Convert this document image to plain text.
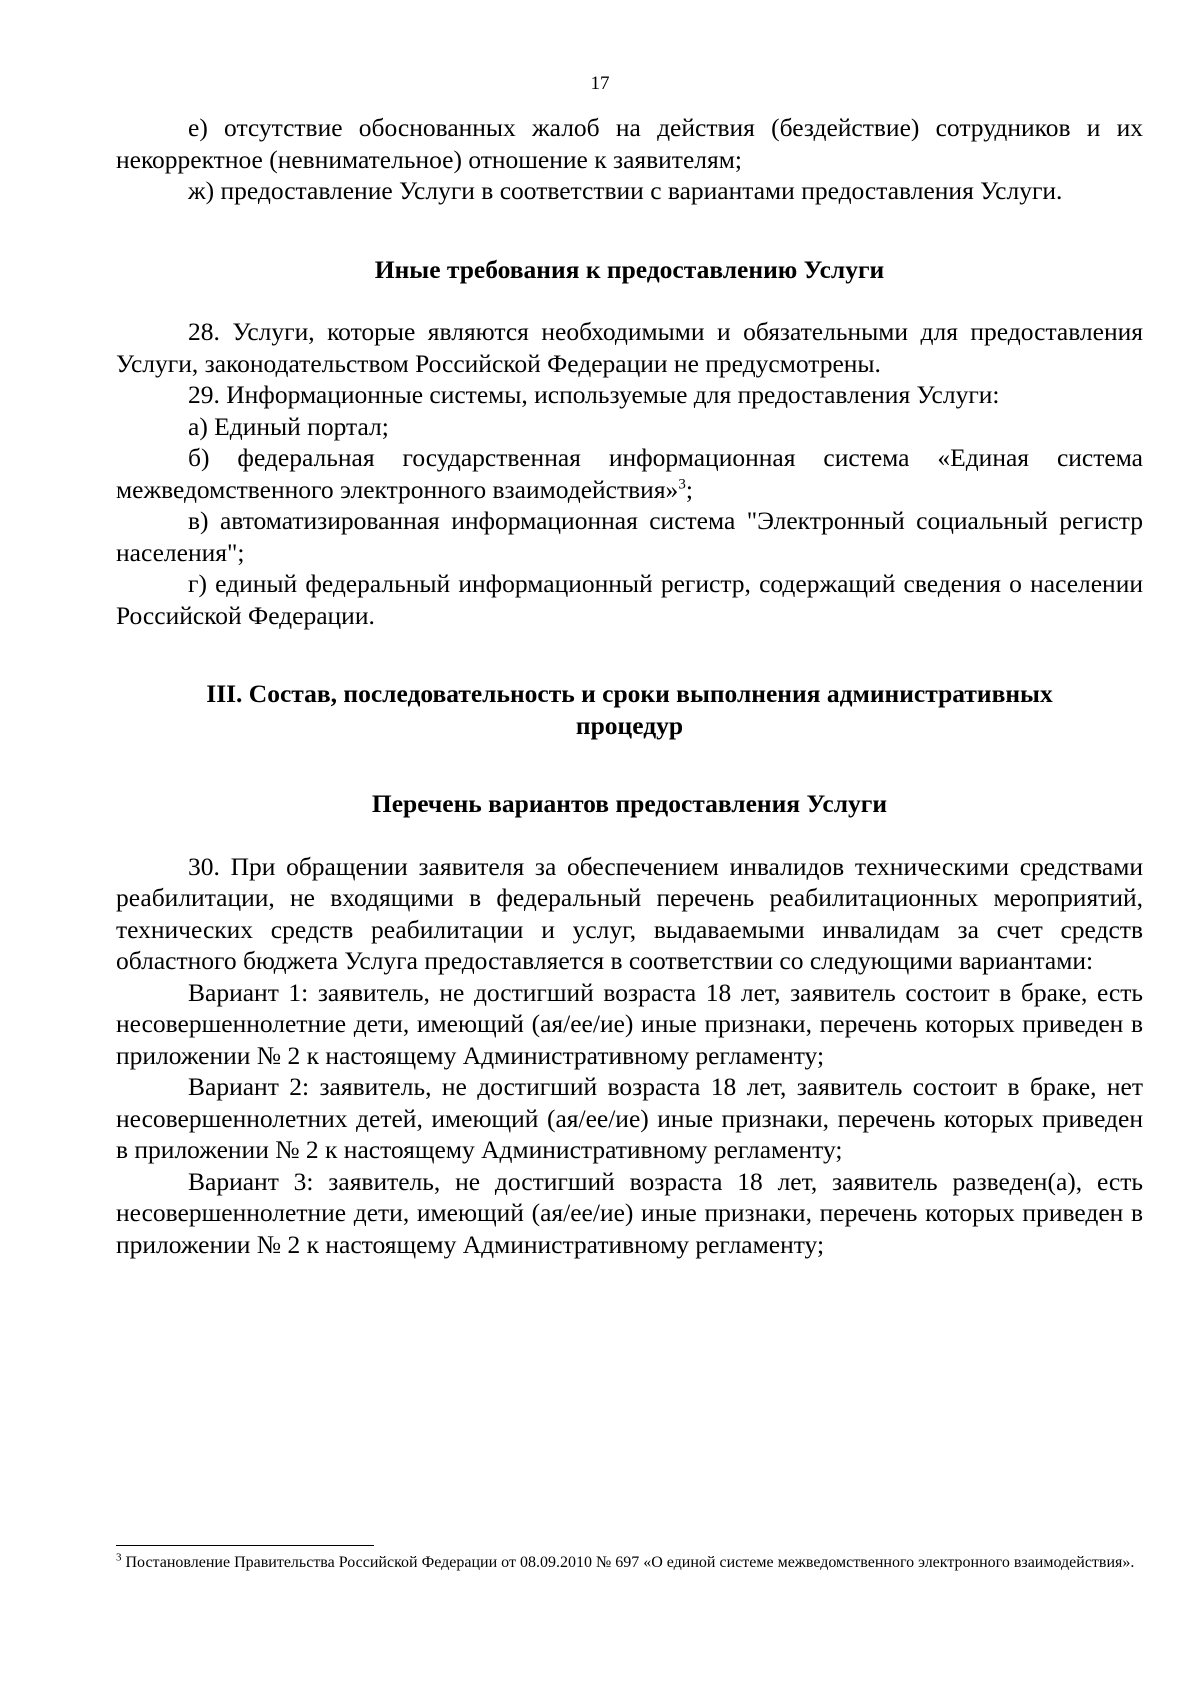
17

е) отсутствие обоснованных жалоб на действия (бездействие) сотрудников и их некорректное (невнимательное) отношение к заявителям;

ж) предоставление Услуги в соответствии с вариантами предоставления Услуги.

Иные требования к предоставлению Услуги

28. Услуги, которые являются необходимыми и обязательными для предоставления Услуги, законодательством Российской Федерации не предусмотрены.

29. Информационные системы, используемые для предоставления Услуги:

а) Единый портал;

б) федеральная государственная информационная система «Единая система межведомственного электронного взаимодействия»$^3$;

в) автоматизированная информационная система "Электронный социальный регистр населения";

г) единый федеральный информационный регистр, содержащий сведения о населении Российской Федерации.

III. Состав, последовательность и сроки выполнения административных процедур

Перечень вариантов предоставления Услуги

30. При обращении заявителя за обеспечением инвалидов техническими средствами реабилитации, не входящими в федеральный перечень реабилитационных мероприятий, технических средств реабилитации и услуг, выдаваемыми инвалидам за счет средств областного бюджета Услуга предоставляется в соответствии со следующими вариантами:

Вариант 1: заявитель, не достигший возраста 18 лет, заявитель состоит в браке, есть несовершеннолетние дети, имеющий (ая/ее/ие) иные признаки, перечень которых приведен в приложении № 2 к настоящему Административному регламенту;

Вариант 2: заявитель, не достигший возраста 18 лет, заявитель состоит в браке, нет несовершеннолетних детей, имеющий (ая/ее/ие) иные признаки, перечень которых приведен в приложении № 2 к настоящему Административному регламенту;

Вариант 3: заявитель, не достигший возраста 18 лет, заявитель разведен(а), есть несовершеннолетние дети, имеющий (ая/ее/ие) иные признаки, перечень которых приведен в приложении № 2 к настоящему Административному регламенту;

$^3$ Постановление Правительства Российской Федерации от 08.09.2010 № 697 «О единой системе межведомственного электронного взаимодействия».
